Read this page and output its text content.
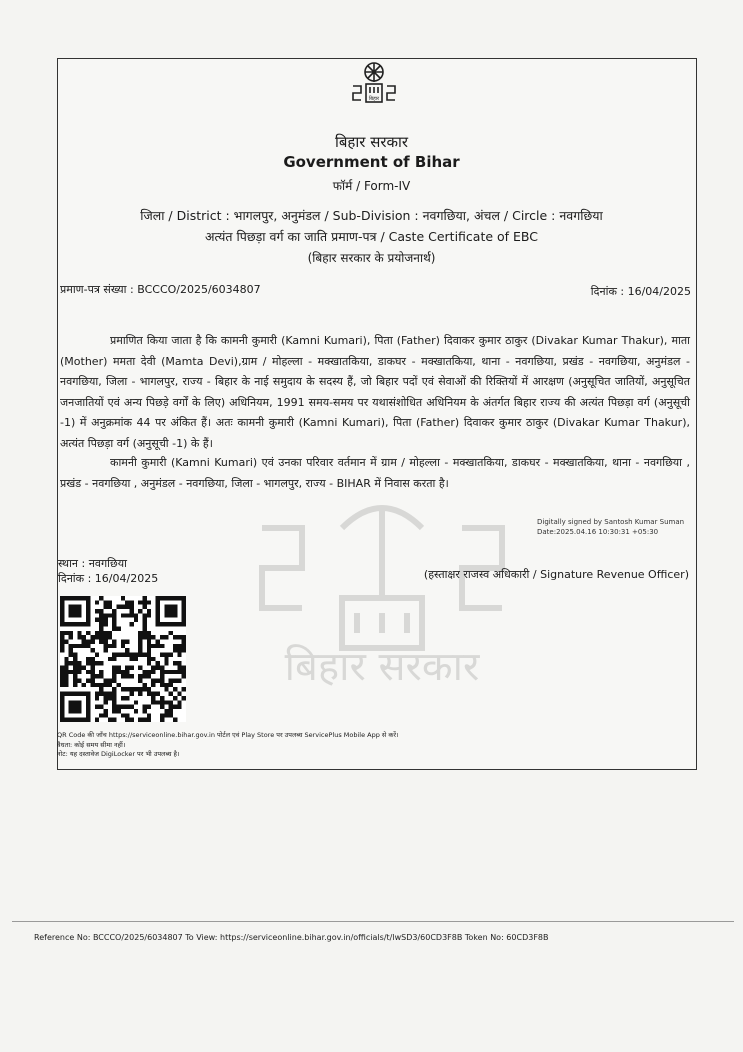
बिहार सरकार
बिहार
बिहार सरकार
Government of Bihar
फॉर्म / Form-IV
जिला / District : भागलपुर, अनुमंडल / Sub-Division : नवगछिया, अंचल / Circle : नवगछिया
अत्यंत पिछड़ा वर्ग का जाति प्रमाण-पत्र / Caste Certificate of EBC
(बिहार सरकार के प्रयोजनार्थ)
प्रमाण-पत्र संख्या : BCCCO/2025/6034807	दिनांक : 16/04/2025
प्रमाणित किया जाता है कि कामनी कुमारी (Kamni Kumari), पिता (Father) दिवाकर कुमार ठाकुर (Divakar Kumar Thakur), माता (Mother) ममता देवी (Mamta Devi),ग्राम / मोहल्ला - मक्खातकिया, डाकघर - मक्खातकिया, थाना - नवगछिया, प्रखंड - नवगछिया, अनुमंडल - नवगछिया, जिला - भागलपुर, राज्य - बिहार के नाई समुदाय के सदस्य हैं, जो बिहार पदों एवं सेवाओं की रिक्तियों में आरक्षण (अनुसूचित जातियों, अनुसूचित जनजातियों एवं अन्य पिछड़े वर्गों के लिए) अधिनियम, 1991 समय-समय पर यथासंशोधित अधिनियम के अंतर्गत बिहार राज्य की अत्यंत पिछड़ा वर्ग (अनुसूची -1) में अनुक्रमांक 44 पर अंकित हैं। अतः कामनी कुमारी (Kamni Kumari), पिता (Father) दिवाकर कुमार ठाकुर (Divakar Kumar Thakur), अत्यंत पिछड़ा वर्ग (अनुसूची -1) के हैं।
कामनी कुमारी (Kamni Kumari) एवं उनका परिवार वर्तमान में ग्राम / मोहल्ला - मक्खातकिया, डाकघर - मक्खातकिया, थाना - नवगछिया , प्रखंड - नवगछिया , अनुमंडल - नवगछिया, जिला - भागलपुर, राज्य - BIHAR में निवास करता है।
Digitally signed by Santosh Kumar Suman
Date:2025.04.16 10:30:31 +05:30
स्थान : नवगछिया
दिनांक : 16/04/2025	(हस्ताक्षर राजस्व अधिकारी / Signature Revenue Officer)
QR Code की जाँच https://serviceonline.bihar.gov.in पोर्टल एवं Play Store पर उपलब्ध ServicePlus Mobile App से करें।
वैधता: कोई समय सीमा नहीं।
नोट: यह दस्तावेज DigiLocker पर भी उपलब्ध है।
Reference No: BCCCO/2025/6034807 To View: https://serviceonline.bihar.gov.in/officials/t/lwSD3/60CD3F8B Token No: 60CD3F8B
